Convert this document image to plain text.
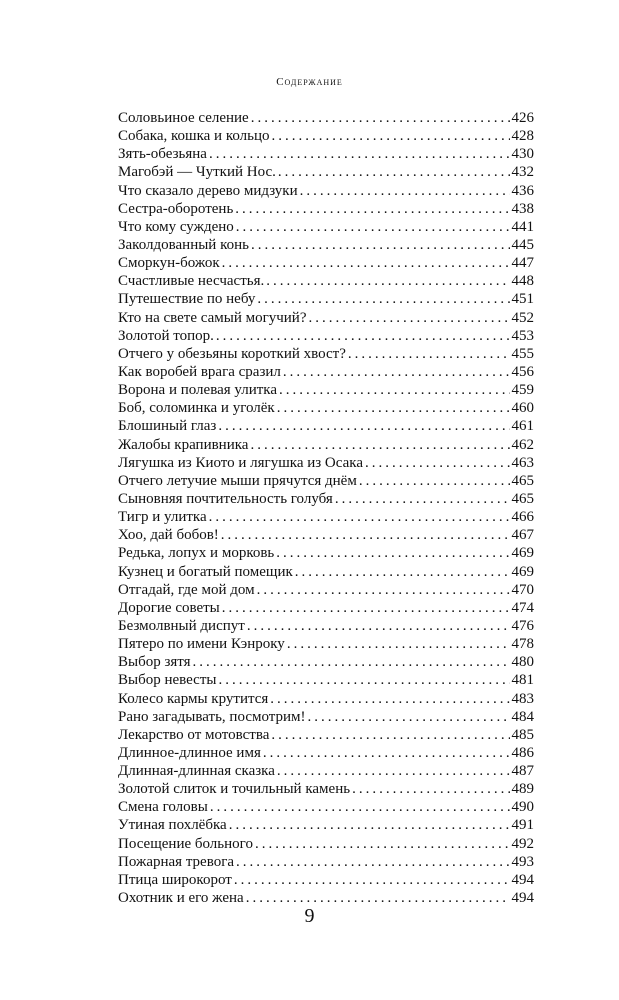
Содержание
Соловьиное селение .....	426
Собака, кошка и кольцо .....	428
Зять-обезьяна .....	430
Магобэй — Чуткий Нос. .....	432
Что сказало дерево мидзуки .....	436
Сестра-оборотень .....	438
Что кому суждено .....	441
Заколдованный конь .....	445
Сморкун-божок .....	447
Счастливые несчастья. .....	448
Путешествие по небу .....	451
Кто на свете самый могучий? .....	452
Золотой топор. .....	453
Отчего у обезьяны короткий хвост? .....	455
Как воробей врага сразил .....	456
Ворона и полевая улитка .....	459
Боб, соломинка и уголёк .....	460
Блошиный глаз .....	461
Жалобы крапивника .....	462
Лягушка из Киото и лягушка из Осака .....	463
Отчего летучие мыши прячутся днём .....	465
Сыновняя почтительность голубя .....	465
Тигр и улитка .....	466
Хоо, дай бобов! .....	467
Редька, лопух и морковь .....	469
Кузнец и богатый помещик .....	469
Отгадай, где мой дом .....	470
Дорогие советы .....	474
Безмолвный диспут .....	476
Пятеро по имени Кэнроку .....	478
Выбор зятя .....	480
Выбор невесты .....	481
Колесо кармы крутится .....	483
Рано загадывать, посмотрим! .....	484
Лекарство от мотовства .....	485
Длинное-длинное имя .....	486
Длинная-длинная сказка .....	487
Золотой слиток и точильный камень .....	489
Смена головы .....	490
Утиная похлёбка .....	491
Посещение больного .....	492
Пожарная тревога .....	493
Птица широкорот .....	494
Охотник и его жена .....	494
9
